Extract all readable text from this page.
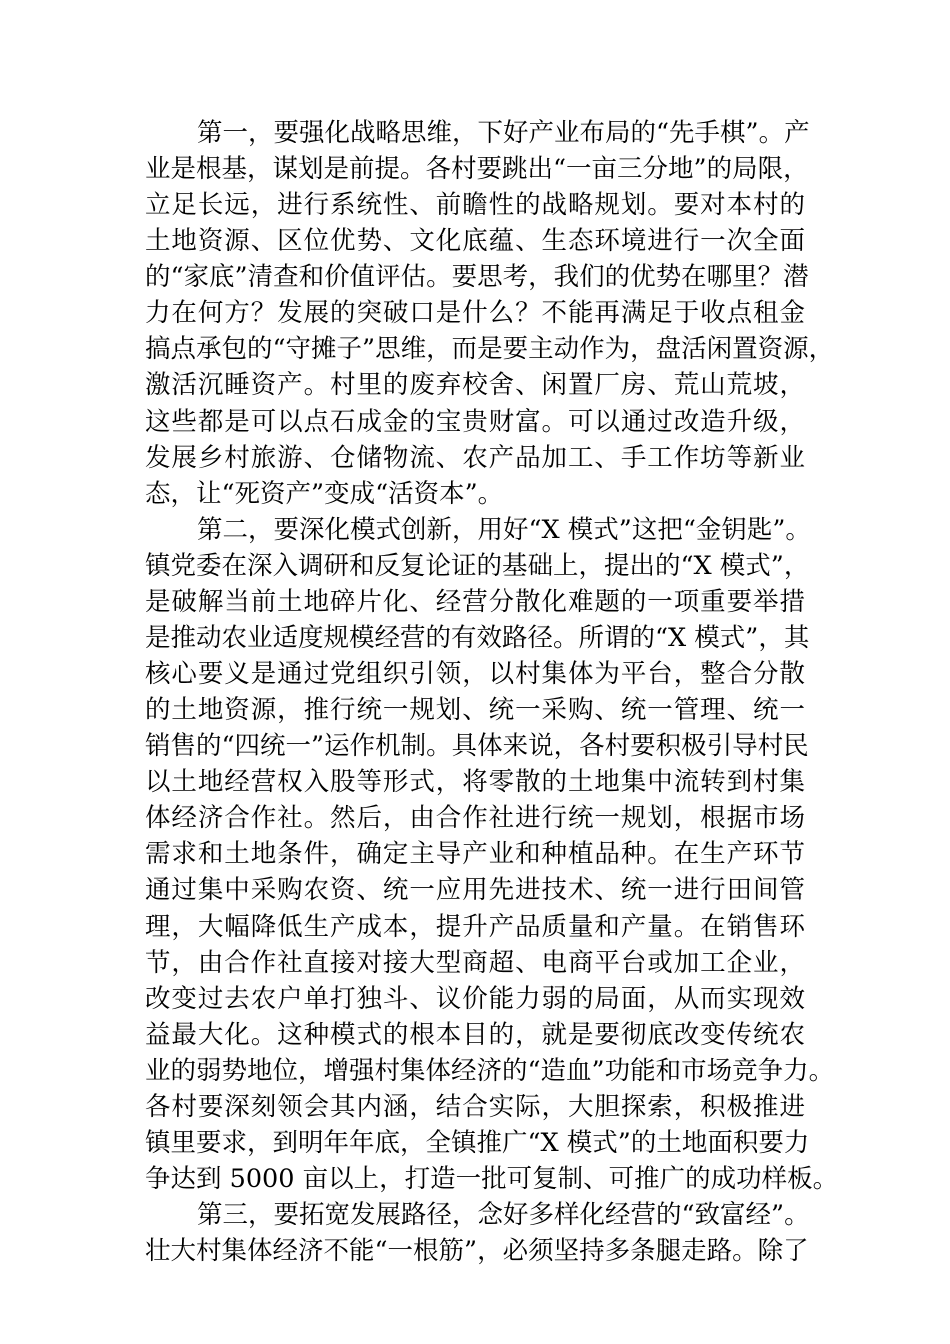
第一，要强化战略思维，下好产业布局的“先手棋”。产
业是根基，谋划是前提。各村要跳出“一亩三分地”的局限，
立足长远，进行系统性、前瞻性的战略规划。要对本村的
土地资源、区位优势、文化底蕴、生态环境进行一次全面
的“家底”清查和价值评估。要思考，我们的优势在哪里？潜
力在何方？发展的突破口是什么？不能再满足于收点租金
搞点承包的“守摊子”思维，而是要主动作为，盘活闲置资源，
激活沉睡资产。村里的废弃校舍、闲置厂房、荒山荒坡，
这些都是可以点石成金的宝贵财富。可以通过改造升级，
发展乡村旅游、仓储物流、农产品加工、手工作坊等新业
态，让“死资产”变成“活资本”。
第二，要深化模式创新，用好“X 模式”这把“金钥匙”。
镇党委在深入调研和反复论证的基础上，提出的“X 模式”，
是破解当前土地碎片化、经营分散化难题的一项重要举措
是推动农业适度规模经营的有效路径。所谓的“X 模式”，其
核心要义是通过党组织引领，以村集体为平台，整合分散
的土地资源，推行统一规划、统一采购、统一管理、统一
销售的“四统一”运作机制。具体来说，各村要积极引导村民
以土地经营权入股等形式，将零散的土地集中流转到村集
体经济合作社。然后，由合作社进行统一规划，根据市场
需求和土地条件，确定主导产业和种植品种。在生产环节
通过集中采购农资、统一应用先进技术、统一进行田间管
理，大幅降低生产成本，提升产品质量和产量。在销售环
节，由合作社直接对接大型商超、电商平台或加工企业，
改变过去农户单打独斗、议价能力弱的局面，从而实现效
益最大化。这种模式的根本目的，就是要彻底改变传统农
业的弱势地位，增强村集体经济的“造血”功能和市场竞争力。
各村要深刻领会其内涵，结合实际，大胆探索，积极推进
镇里要求，到明年年底，全镇推广“X 模式”的土地面积要力
争达到 5000 亩以上，打造一批可复制、可推广的成功样板。
第三，要拓宽发展路径，念好多样化经营的“致富经”。
壮大村集体经济不能“一根筋”，必须坚持多条腿走路。除了
